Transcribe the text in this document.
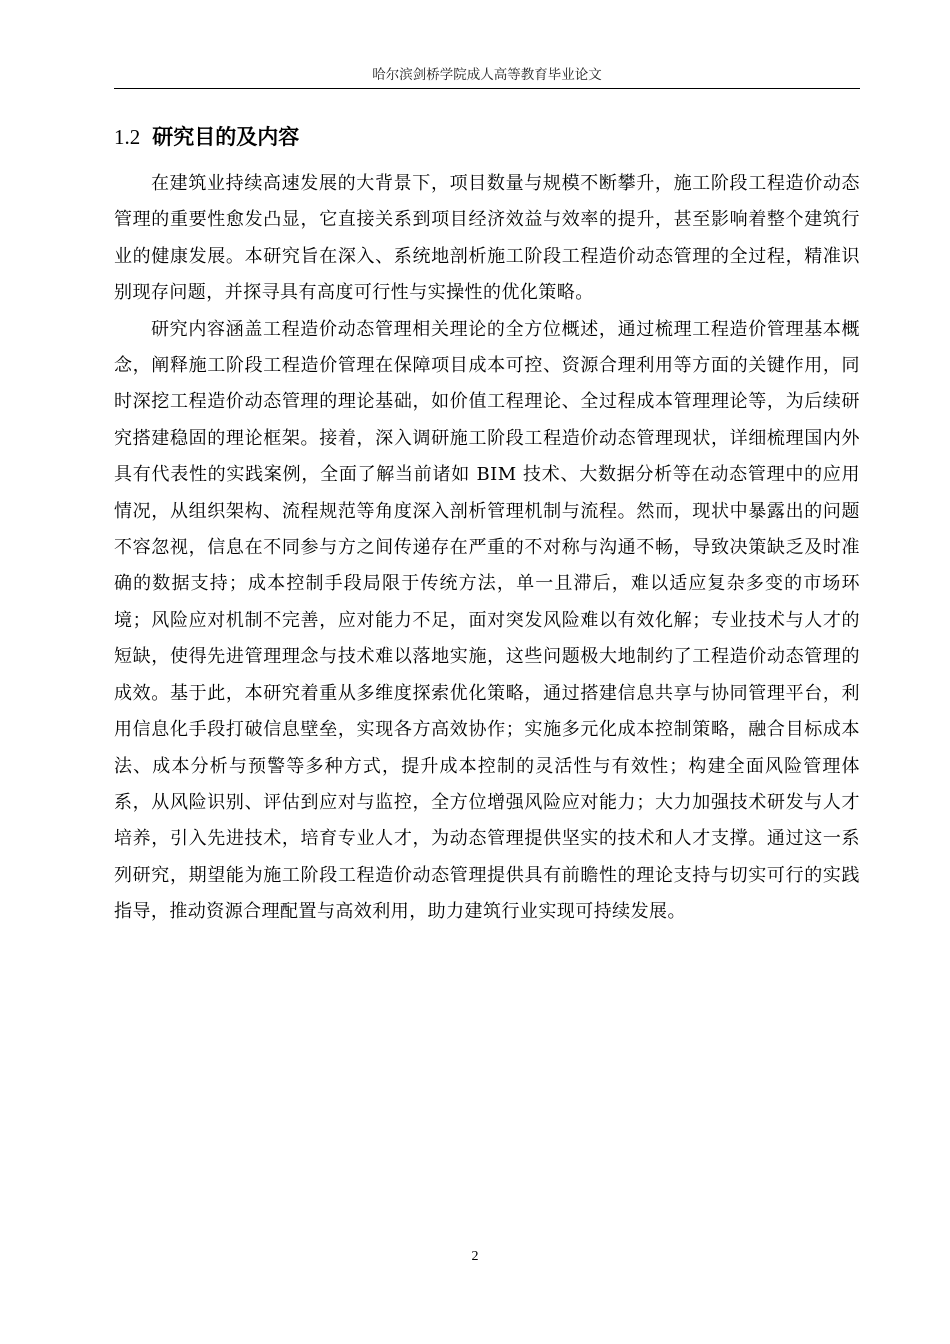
哈尔滨剑桥学院成人高等教育毕业论文
1.2 研究目的及内容

在建筑业持续高速发展的大背景下，项目数量与规模不断攀升，施工阶段工程造价动态管理的重要性愈发凸显，它直接关系到项目经济效益与效率的提升，甚至影响着整个建筑行业的健康发展。本研究旨在深入、系统地剖析施工阶段工程造价动态管理的全过程，精准识别现存问题，并探寻具有高度可行性与实操性的优化策略。

研究内容涵盖工程造价动态管理相关理论的全方位概述，通过梳理工程造价管理基本概念，阐释施工阶段工程造价管理在保障项目成本可控、资源合理利用等方面的关键作用，同时深挖工程造价动态管理的理论基础，如价值工程理论、全过程成本管理理论等，为后续研究搭建稳固的理论框架。接着，深入调研施工阶段工程造价动态管理现状，详细梳理国内外具有代表性的实践案例，全面了解当前诸如 BIM 技术、大数据分析等在动态管理中的应用情况，从组织架构、流程规范等角度深入剖析管理机制与流程。然而，现状中暴露出的问题不容忽视，信息在不同参与方之间传递存在严重的不对称与沟通不畅，导致决策缺乏及时准确的数据支持；成本控制手段局限于传统方法，单一且滞后，难以适应复杂多变的市场环境；风险应对机制不完善，应对能力不足，面对突发风险难以有效化解；专业技术与人才的短缺，使得先进管理理念与技术难以落地实施，这些问题极大地制约了工程造价动态管理的成效。基于此，本研究着重从多维度探索优化策略，通过搭建信息共享与协同管理平台，利用信息化手段打破信息壁垒，实现各方高效协作；实施多元化成本控制策略，融合目标成本法、成本分析与预警等多种方式，提升成本控制的灵活性与有效性；构建全面风险管理体系，从风险识别、评估到应对与监控，全方位增强风险应对能力；大力加强技术研发与人才培养，引入先进技术，培育专业人才，为动态管理提供坚实的技术和人才支撑。通过这一系列研究，期望能为施工阶段工程造价动态管理提供具有前瞻性的理论支持与切实可行的实践指导，推动资源合理配置与高效利用，助力建筑行业实现可持续发展。

2
